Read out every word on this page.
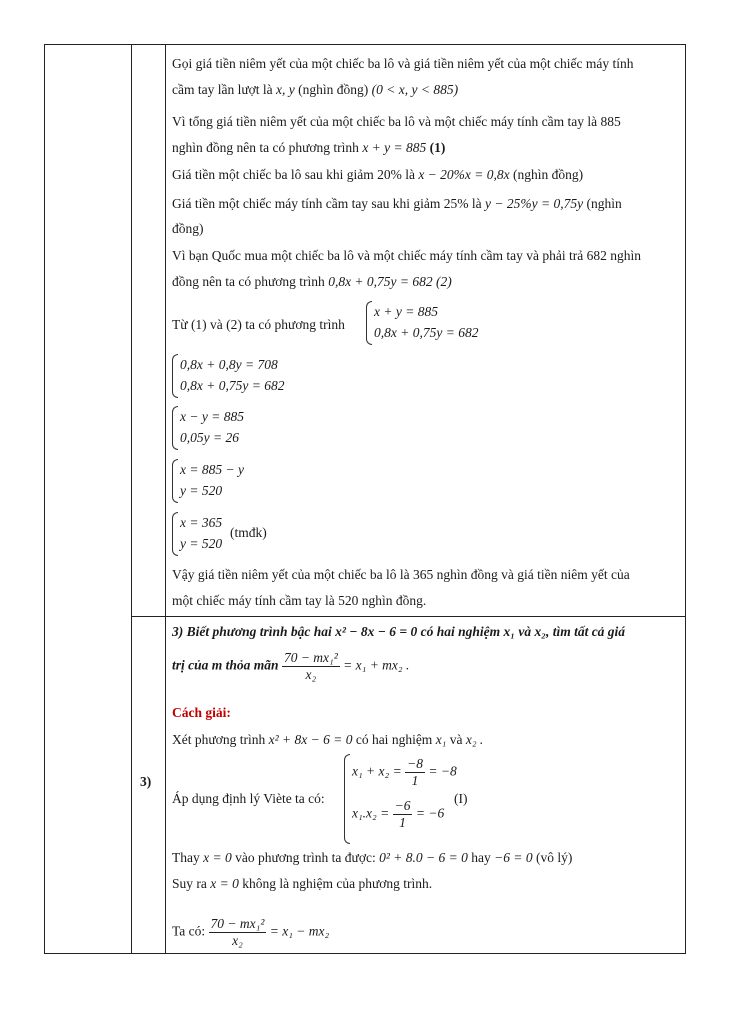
Gọi giá tiền niêm yết của một chiếc ba lô và giá tiền niêm yết của một chiếc máy tính
cầm tay lần lượt là x, y (nghìn đồng) (0 < x, y < 885)
Vì tổng giá tiền niêm yết của một chiếc ba lô và một chiếc máy tính cầm tay là 885
nghìn đồng nên ta có phương trình x + y = 885 (1)
Giá tiền một chiếc ba lô sau khi giảm 20% là x − 20%x = 0,8x (nghìn đồng)
Giá tiền một chiếc máy tính cầm tay sau khi giảm 25% là y − 25%y = 0,75y (nghìn
đồng)
Vì bạn Quốc mua một chiếc ba lô và một chiếc máy tính cầm tay và phải trả 682 nghìn
đồng nên ta có phương trình 0,8x + 0,75y = 682 (2)
Từ (1) và (2) ta có phương trình
x + y = 885
0,8x + 0,75y = 682
0,8x + 0,8y = 708
0,8x + 0,75y = 682
x − y = 885
0,05y = 26
x = 885 − y
y = 520
x = 365
y = 520
(tmđk)
Vậy giá tiền niêm yết của một chiếc ba lô là 365 nghìn đồng và giá tiền niêm yết của
một chiếc máy tính cầm tay là 520 nghìn đồng.
3)
3) Biết phương trình bậc hai x² − 8x − 6 = 0 có hai nghiệm x₁ và x₂, tìm tất cả giá
trị của m thỏa mãn $\frac{\text{70 − mx₁²}}{\text{x₂}} = x_1 + mx_2$ .
Cách giải:
Xét phương trình x² + 8x − 6 = 0 có hai nghiệm x₁ và x₂ .
Áp dụng định lý Viète ta có:
$x_1 + x_2 = \frac{-8}{1} = -8$
$x_1.x_2 = \frac{-6}{1} = -6$
(I)
Thay x = 0 vào phương trình ta được: 0² + 8.0 − 6 = 0 hay −6 = 0 (vô lý)
Suy ra x = 0 không là nghiệm của phương trình.
Ta có: $\frac{\text{70 − mx₁²}}{\text{x₂}} = x_1 - mx_2$
